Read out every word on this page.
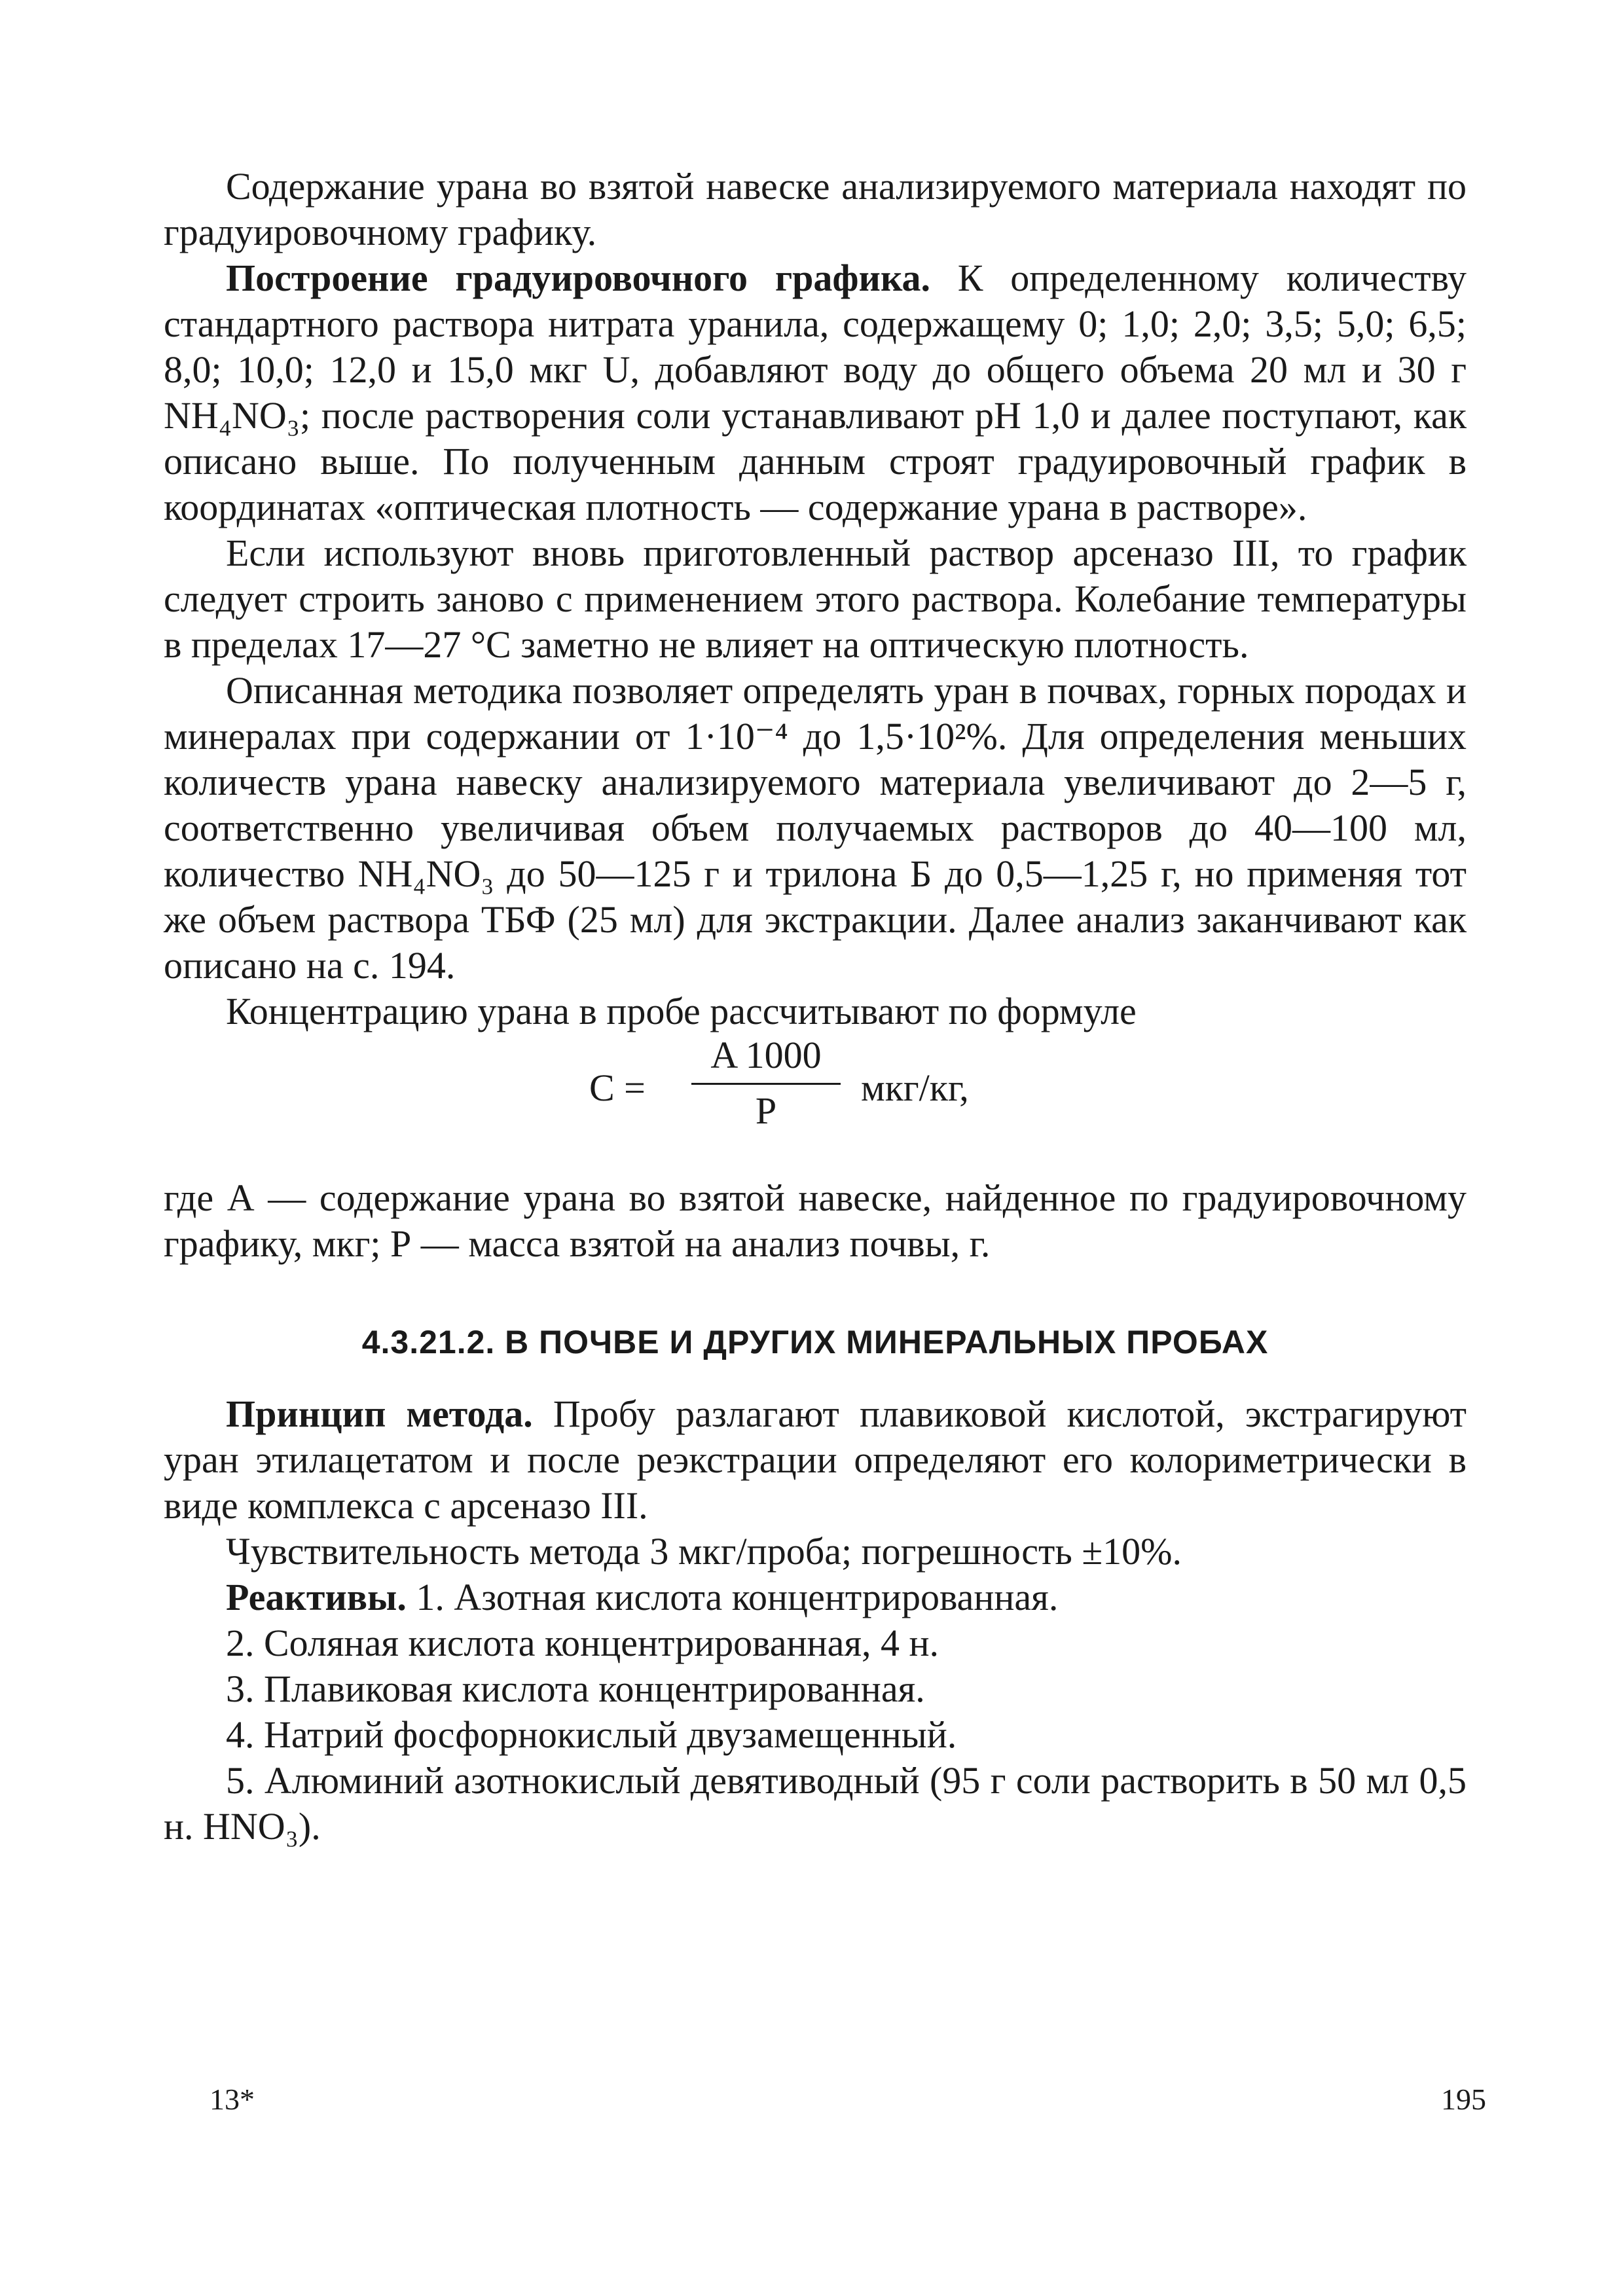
Содержание урана во взятой навеске анализируемого материала находят по градуировочному графику.

Построение градуировочного графика. К определенному количеству стандартного раствора нитрата уранила, содержащему 0; 1,0; 2,0; 3,5; 5,0; 6,5; 8,0; 10,0; 12,0 и 15,0 мкг U, добавляют воду до общего объема 20 мл и 30 г NH₄NO₃; после растворения соли устанавливают pH 1,0 и далее поступают, как описано выше. По полученным данным строят градуировочный график в координатах «оптическая плотность — содержание урана в растворе».

Если используют вновь приготовленный раствор арсеназо III, то график следует строить заново с применением этого раствора. Колебание температуры в пределах 17—27 °С заметно не влияет на оптическую плотность.

Описанная методика позволяет определять уран в почвах, горных породах и минералах при содержании от 1·10⁻⁴ до 1,5·10²%. Для определения меньших количеств урана навеску анализируемого материала увеличивают до 2—5 г, соответственно увеличивая объем получаемых растворов до 40—100 мл, количество NH₄NO₃ до 50—125 г и трилона Б до 0,5—1,25 г, но применяя тот же объем раствора ТБФ (25 мл) для экстракции. Далее анализ заканчивают как описано на с. 194.

Концентрацию урана в пробе рассчитывают по формуле

C =
A 1000
P
мкг/кг,

где А — содержание урана во взятой навеске, найденное по градуировочному графику, мкг; Р — масса взятой на анализ почвы, г.

4.3.21.2. В ПОЧВЕ И ДРУГИХ МИНЕРАЛЬНЫХ ПРОБАХ

Принцип метода. Пробу разлагают плавиковой кислотой, экстрагируют уран этилацетатом и после реэкстрации определяют его колориметрически в виде комплекса с арсеназо III.

Чувствительность метода 3 мкг/проба; погрешность ±10%.

Реактивы. 1. Азотная кислота концентрированная.

2. Соляная кислота концентрированная, 4 н.

3. Плавиковая кислота концентрированная.

4. Натрий фосфорнокислый двузамещенный.

5. Алюминий азотнокислый девятиводный (95 г соли растворить в 50 мл 0,5 н. HNO₃).

13*	195
